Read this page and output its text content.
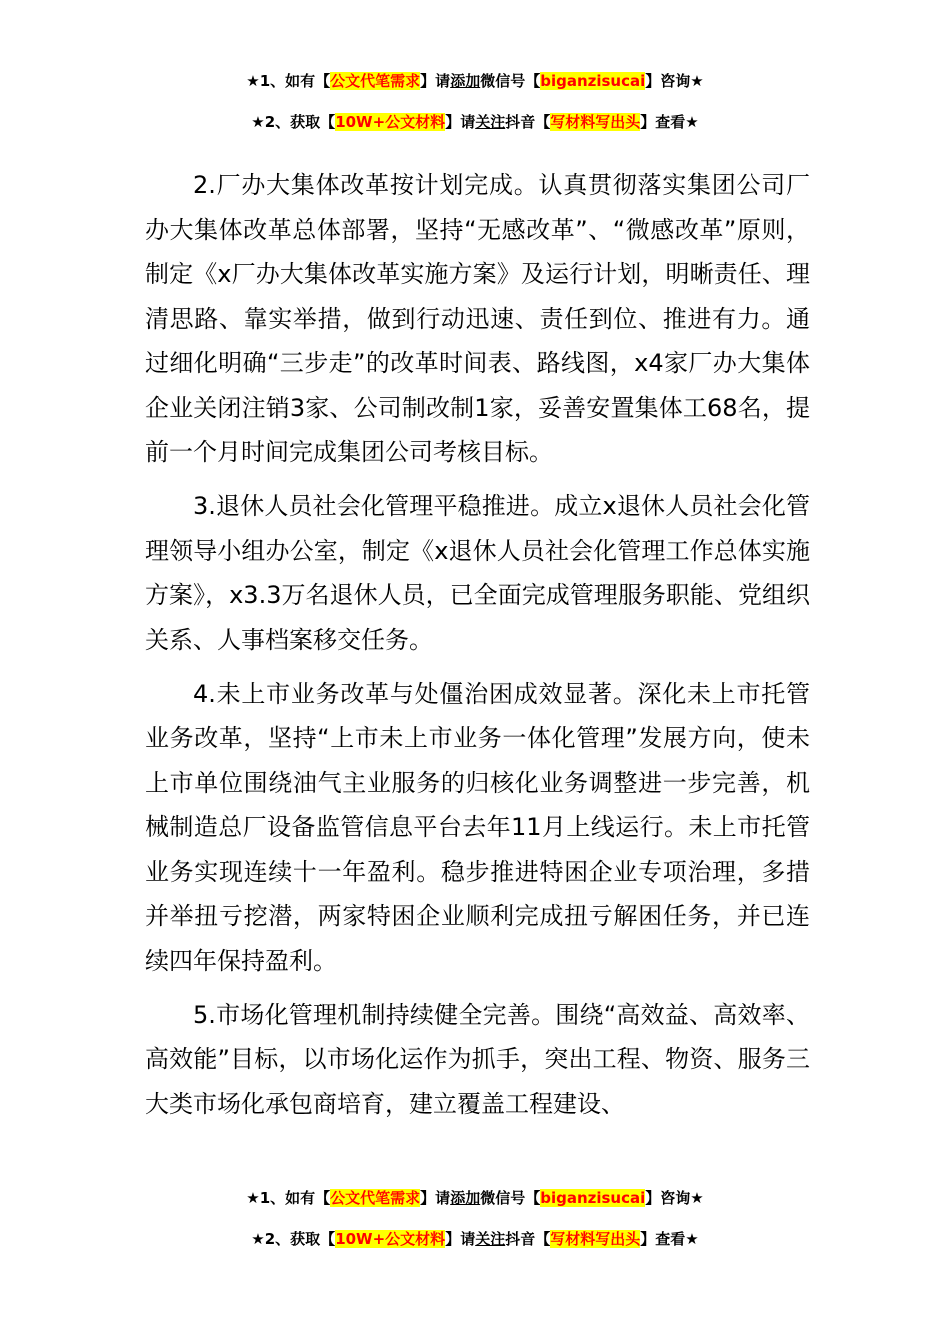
★1、如有【公文代笔需求】请添加微信号【biganzisucai】咨询★
★2、获取【10W+公文材料】请关注抖音【写材料写出头】查看★

2.厂办大集体改革按计划完成。认真贯彻落实集团公司厂办大集体改革总体部署，坚持“无感改革”、“微感改革”原则，制定《x厂办大集体改革实施方案》及运行计划，明晰责任、理清思路、靠实举措，做到行动迅速、责任到位、推进有力。通过细化明确“三步走”的改革时间表、路线图，x4家厂办大集体企业关闭注销3家、公司制改制1家，妥善安置集体工68名，提前一个月时间完成集团公司考核目标。

3.退休人员社会化管理平稳推进。成立x退休人员社会化管理领导小组办公室，制定《x退休人员社会化管理工作总体实施方案》，x3.3万名退休人员，已全面完成管理服务职能、党组织关系、人事档案移交任务。

4.未上市业务改革与处僵治困成效显著。深化未上市托管业务改革，坚持“上市未上市业务一体化管理”发展方向，使未上市单位围绕油气主业服务的归核化业务调整进一步完善，机械制造总厂设备监管信息平台去年11月上线运行。未上市托管业务实现连续十一年盈利。稳步推进特困企业专项治理，多措并举扭亏挖潜，两家特困企业顺利完成扭亏解困任务，并已连续四年保持盈利。

5.市场化管理机制持续健全完善。围绕“高效益、高效率、高效能”目标，以市场化运作为抓手，突出工程、物资、服务三大类市场化承包商培育，建立覆盖工程建设、

★1、如有【公文代笔需求】请添加微信号【biganzisucai】咨询★
★2、获取【10W+公文材料】请关注抖音【写材料写出头】查看★
